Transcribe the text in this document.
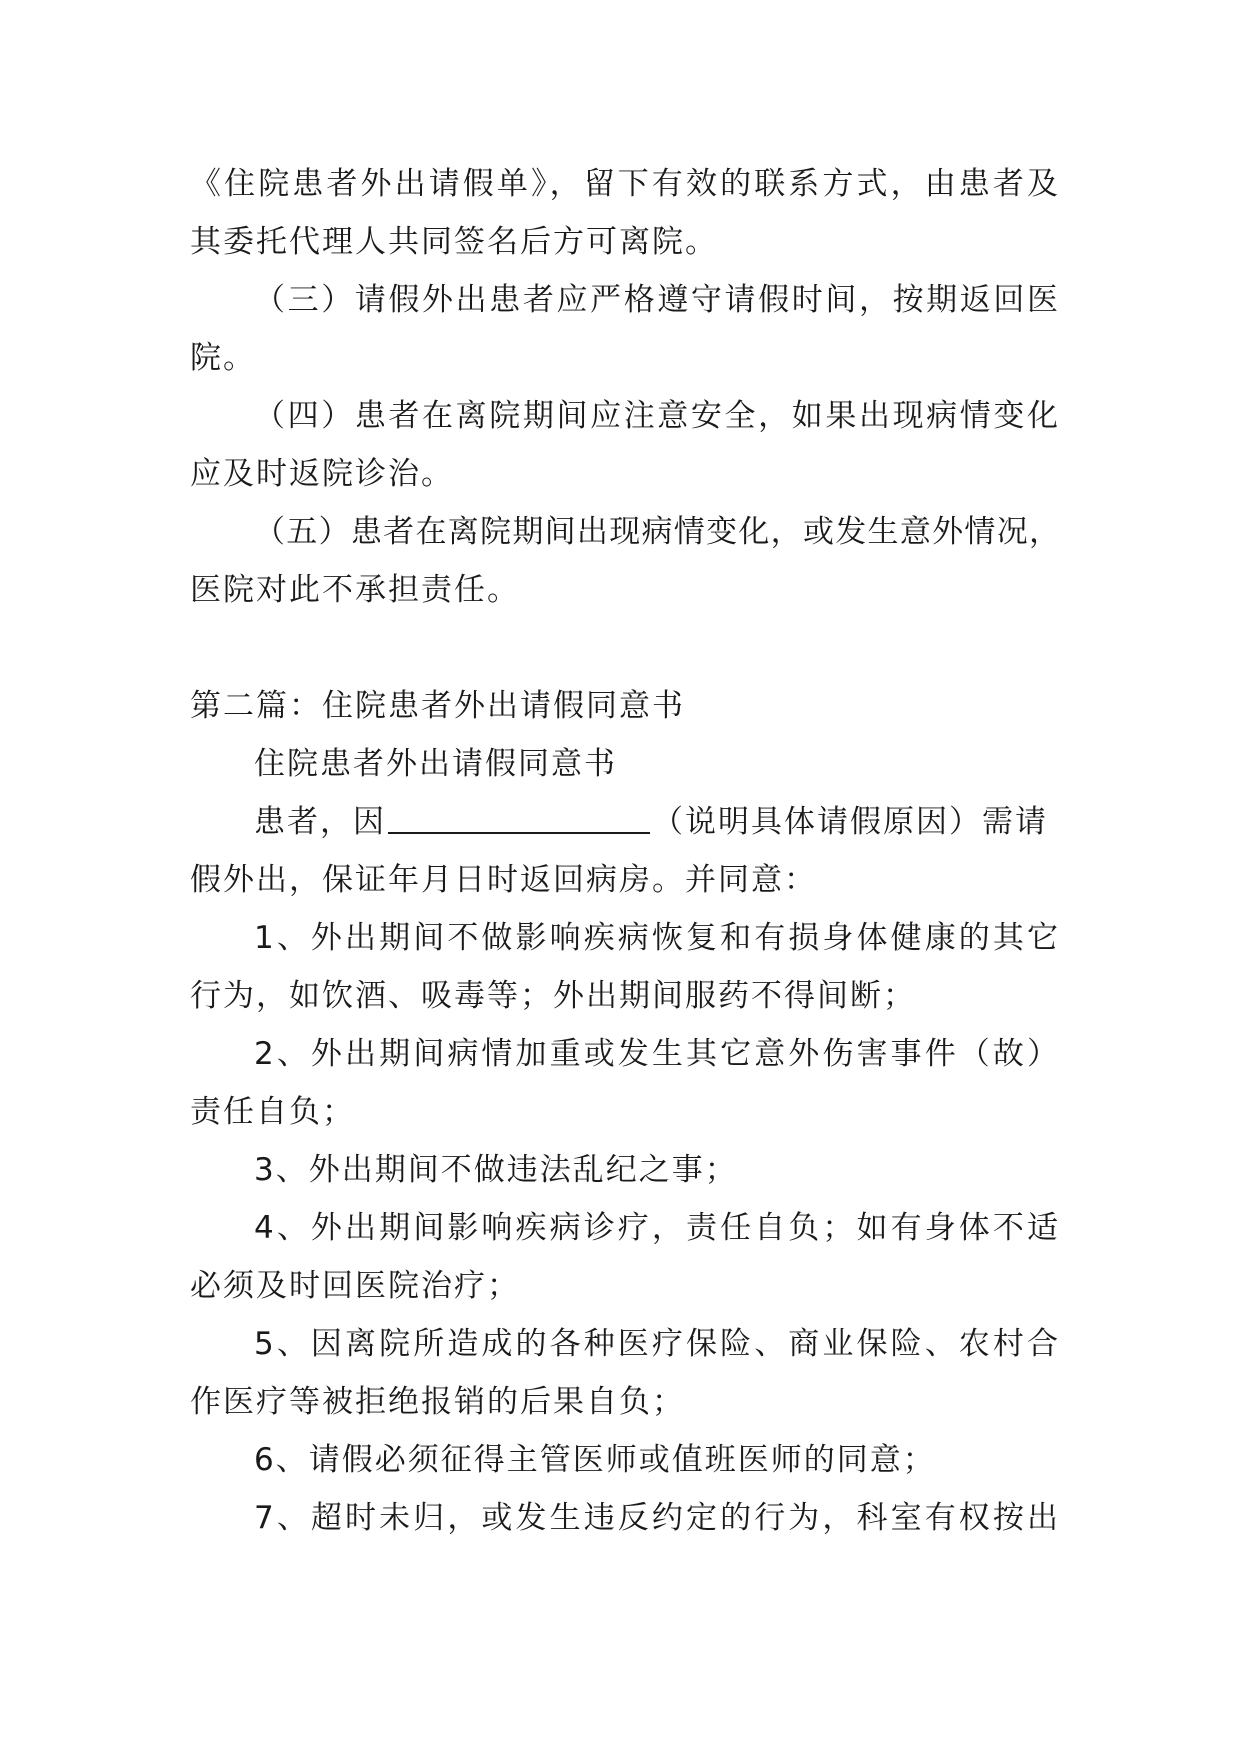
《住院患者外出请假单》，留下有效的联系方式，由患者及
其委托代理人共同签名后方可离院。
（三）请假外出患者应严格遵守请假时间，按期返回医
院。
（四）患者在离院期间应注意安全，如果出现病情变化
应及时返院诊治。
（五）患者在离院期间出现病情变化，或发生意外情况，
医院对此不承担责任。
第二篇：住院患者外出请假同意书
住院患者外出请假同意书
患者，因	（说明具体请假原因）需请
假外出，保证年月日时返回病房。并同意：
1、外出期间不做影响疾病恢复和有损身体健康的其它
行为，如饮酒、吸毒等；外出期间服药不得间断；
2、外出期间病情加重或发生其它意外伤害事件（故）
责任自负；
3、外出期间不做违法乱纪之事；
4、外出期间影响疾病诊疗，责任自负；如有身体不适
必须及时回医院治疗；
5、因离院所造成的各种医疗保险、商业保险、农村合
作医疗等被拒绝报销的后果自负；
6、请假必须征得主管医师或值班医师的同意；
7、超时未归，或发生违反约定的行为，科室有权按出
